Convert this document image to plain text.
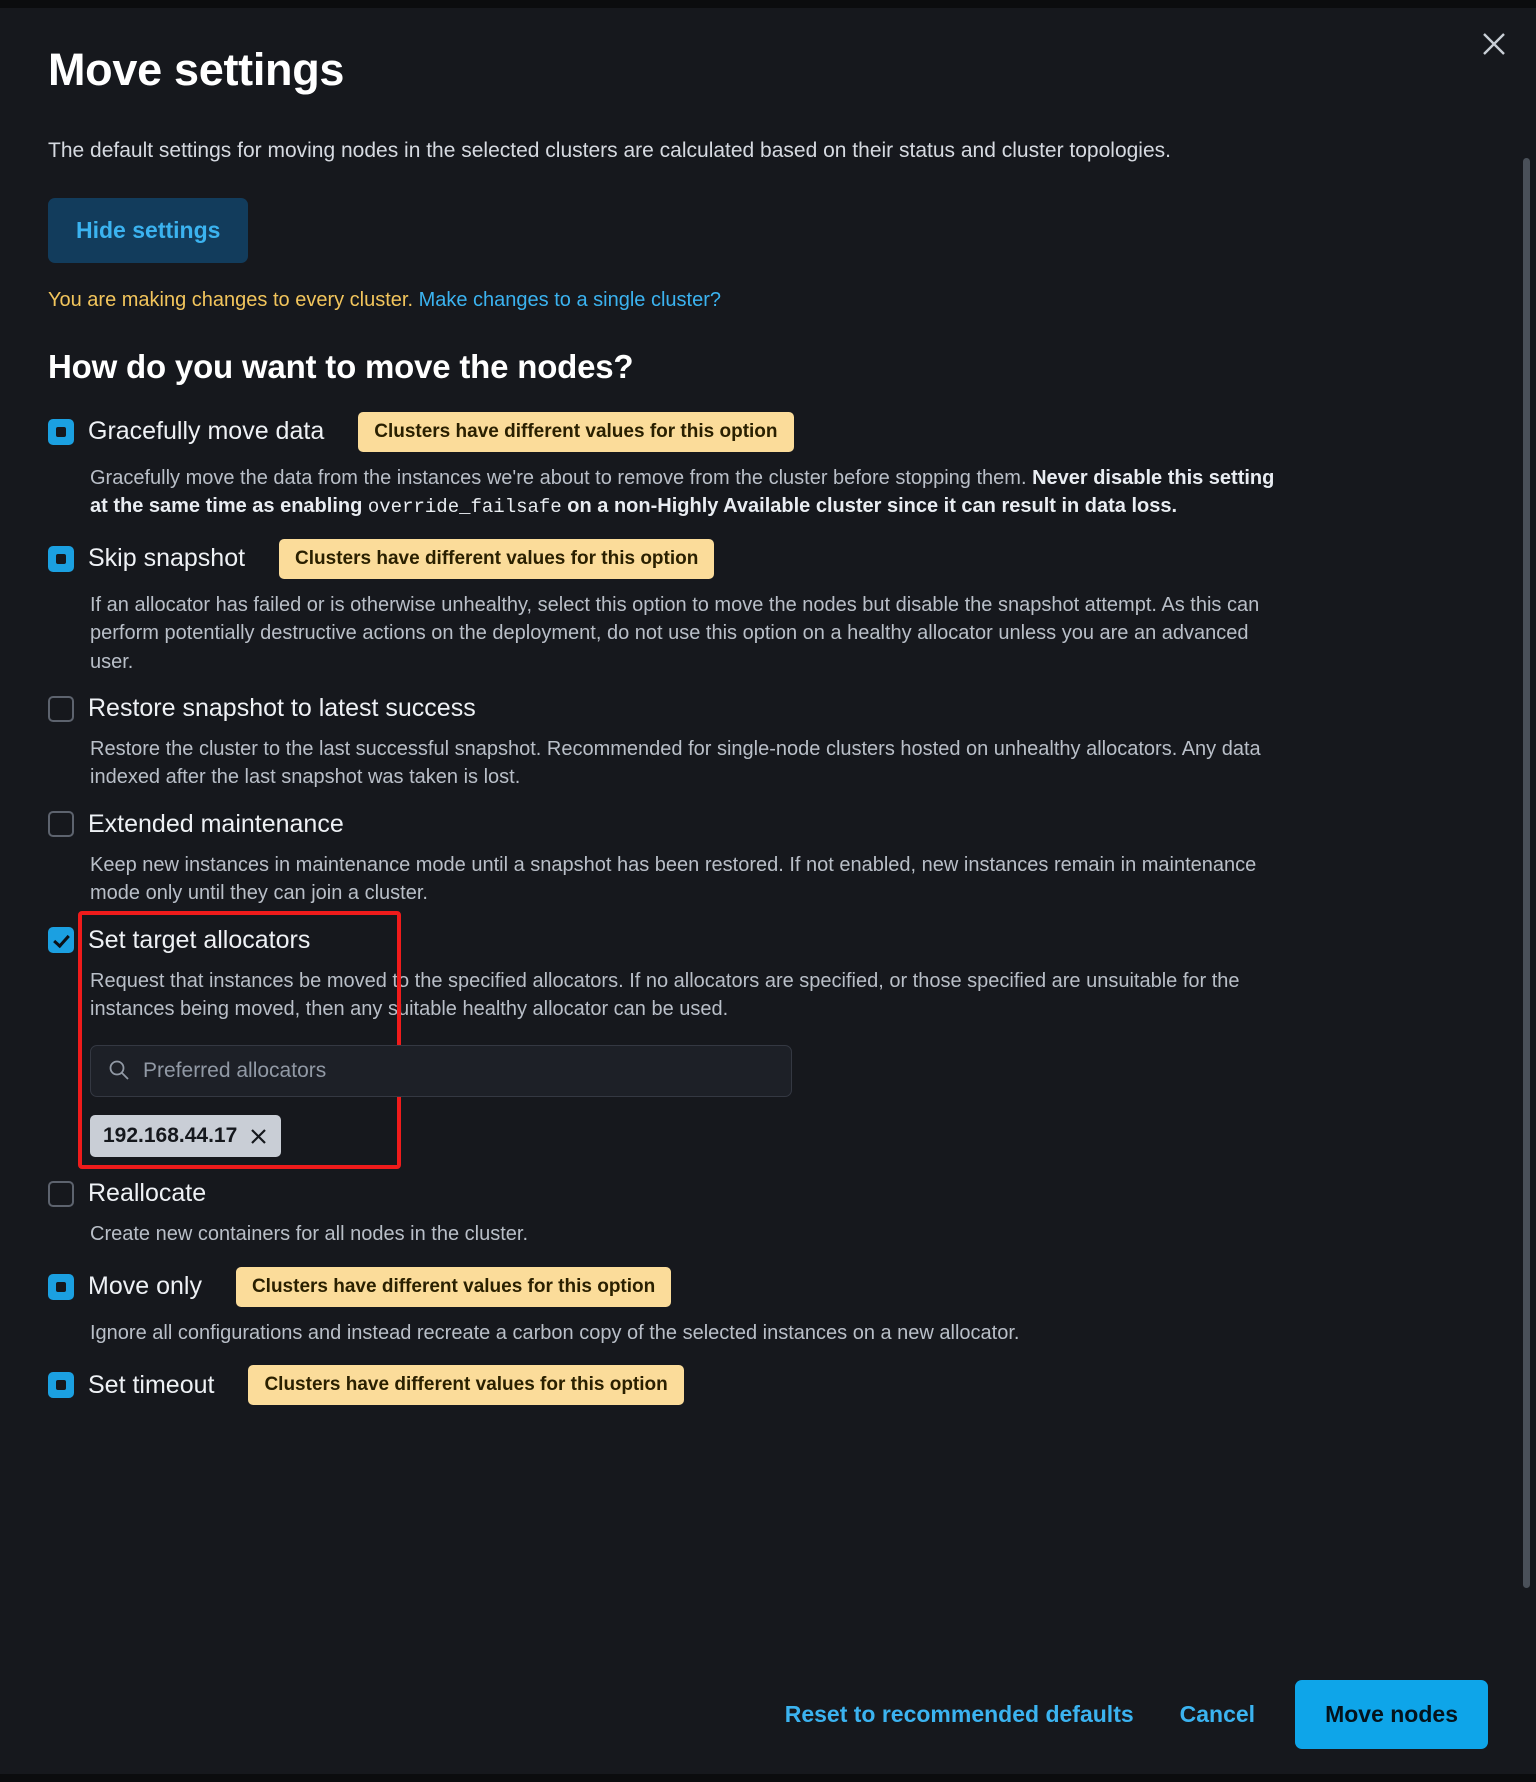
Move settings

The default settings for moving nodes in the selected clusters are calculated based on their status and cluster topologies.

Hide settings

You are making changes to every cluster. Make changes to a single cluster?

How do you want to move the nodes?
Gracefully move data	Clusters have different values for this option
Gracefully move the data from the instances we're about to remove from the cluster before stopping them. Never disable this setting at the same time as enabling override_failsafe on a non-Highly Available cluster since it can result in data loss.
Skip snapshot	Clusters have different values for this option
If an allocator has failed or is otherwise unhealthy, select this option to move the nodes but disable the snapshot attempt. As this can perform potentially destructive actions on the deployment, do not use this option on a healthy allocator unless you are an advanced user.
Restore snapshot to latest success
Restore the cluster to the last successful snapshot. Recommended for single-node clusters hosted on unhealthy allocators. Any data indexed after the last snapshot was taken is lost.
Extended maintenance
Keep new instances in maintenance mode until a snapshot has been restored. If not enabled, new instances remain in maintenance mode only until they can join a cluster.
Set target allocators
Request that instances be moved to the specified allocators. If no allocators are specified, or those specified are unsuitable for the instances being moved, then any suitable healthy allocator can be used.
Preferred allocators
192.168.44.17
Reallocate
Create new containers for all nodes in the cluster.
Move only	Clusters have different values for this option
Ignore all configurations and instead recreate a carbon copy of the selected instances on a new allocator.
Set timeout	Clusters have different values for this option
Reset to recommended defaults Cancel	Move nodes
